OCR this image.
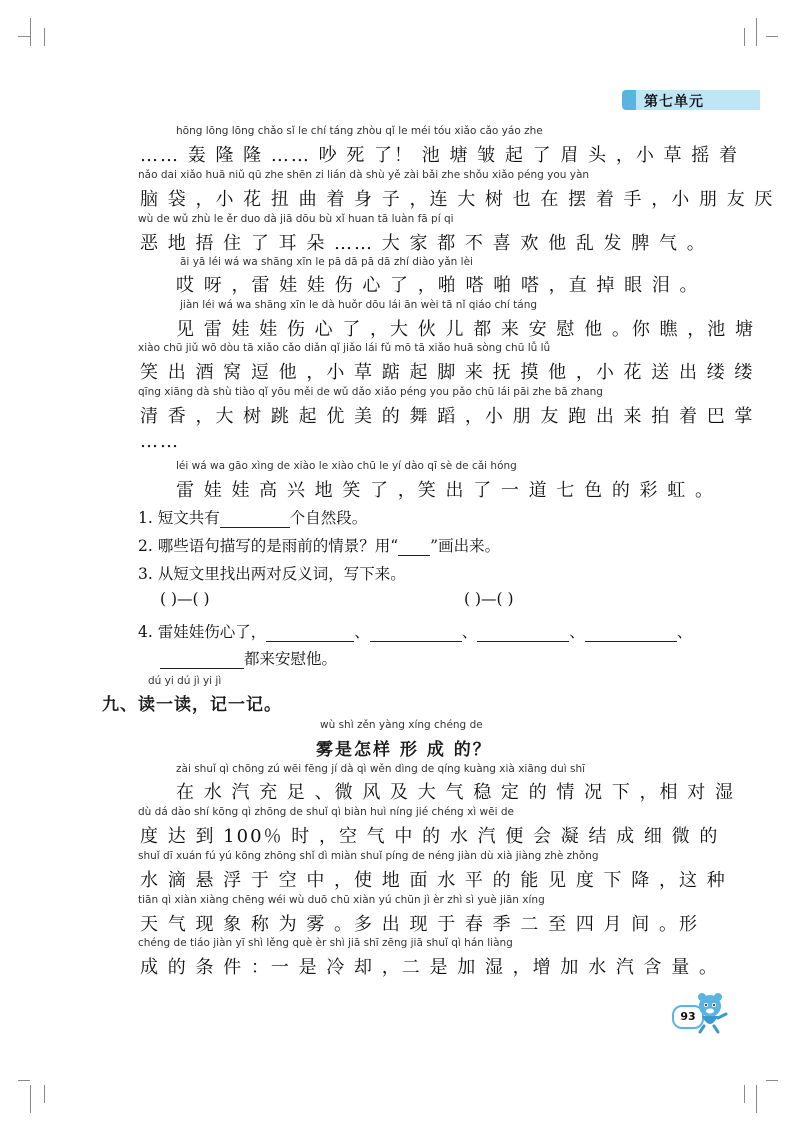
第七单元
hōng lōng lōng chǎo sǐ le chí táng zhòu qǐ le méi tóu xiǎo cǎo yáo zhe
…… 轰 隆 隆 …… 吵 死 了！ 池 塘 皱 起 了 眉 头 ，小 草 摇 着
nǎo dai xiǎo huā niǔ qū zhe shēn zi lián dà shù yě zài bǎi zhe shǒu xiǎo péng you yàn
脑 袋 ，小 花 扭 曲 着 身 子 ，连 大 树 也 在 摆 着 手 ，小 朋 友 厌
wù de wǔ zhù le ěr duo dà jiā dōu bù xǐ huan tā luàn fā pí qi
恶 地 捂 住 了 耳 朵 …… 大 家 都 不 喜 欢 他 乱 发 脾 气 。
āi yā léi wá wa shāng xīn le pā dā pā dā zhí diào yǎn lèi
哎 呀 ，雷 娃 娃 伤 心 了 ，啪 嗒 啪 嗒 ，直 掉 眼 泪 。
jiàn léi wá wa shāng xīn le dà huǒr dōu lái ān wèi tā nǐ qiáo chí táng
见 雷 娃 娃 伤 心 了 ，大 伙 儿 都 来 安 慰 他 。你 瞧 ，池 塘
xiào chū jiǔ wō dòu tā xiǎo cǎo diǎn qǐ jiǎo lái fǔ mō tā xiǎo huā sòng chū lǚ lǚ
笑 出 酒 窝 逗 他 ，小 草 踮 起 脚 来 抚 摸 他 ，小 花 送 出 缕 缕
qīng xiāng dà shù tiào qǐ yōu měi de wǔ dǎo xiǎo péng you pǎo chū lái pāi zhe bā zhang
清 香 ，大 树 跳 起 优 美 的 舞 蹈 ，小 朋 友 跑 出 来 拍 着 巴 掌
……
léi wá wa gāo xìng de xiào le xiào chū le yí dào qī sè de cǎi hóng
雷 娃 娃 高 兴 地 笑 了 ，笑 出 了 一 道 七 色 的 彩 虹 。
1. 短文共有	个自然段。
2. 哪些语句描写的是雨前的情景？用“ ”画出来。
3. 从短文里找出两对反义词，写下来。
( )—( )	( )—( )
4. 雷娃娃伤心了，	、	、	、	、
都来安慰他。
dú yi dú jì yi jì
九、读一读，记一记。
wù shì zěn yàng xíng chéng de
雾是怎样 形 成 的？
zài shuǐ qì chōng zú wēi fēng jí dà qì wěn dìng de qíng kuàng xià xiāng duì shī
在 水 汽 充 足 、微 风 及 大 气 稳 定 的 情 况 下 ，相 对 湿
dù dá dào shí kōng qì zhōng de shuǐ qì biàn huì níng jié chéng xì wēi de
度 达 到 100％ 时 ，空 气 中 的 水 汽 便 会 凝 结 成 细 微 的
shuǐ dī xuán fú yú kōng zhōng shǐ dì miàn shuǐ píng de néng jiàn dù xià jiàng zhè zhǒng
水 滴 悬 浮 于 空 中 ，使 地 面 水 平 的 能 见 度 下 降 ，这 种
tiān qì xiàn xiàng chēng wéi wù duō chū xiàn yú chūn jì èr zhì sì yuè jiān xíng
天 气 现 象 称 为 雾 。多 出 现 于 春 季 二 至 四 月 间 。形
chéng de tiáo jiàn yī shì lěng què èr shì jiā shī zēng jiā shuǐ qì hán liàng
成 的 条 件 ：一 是 冷 却 ，二 是 加 湿 ，增 加 水 汽 含 量 。
93
